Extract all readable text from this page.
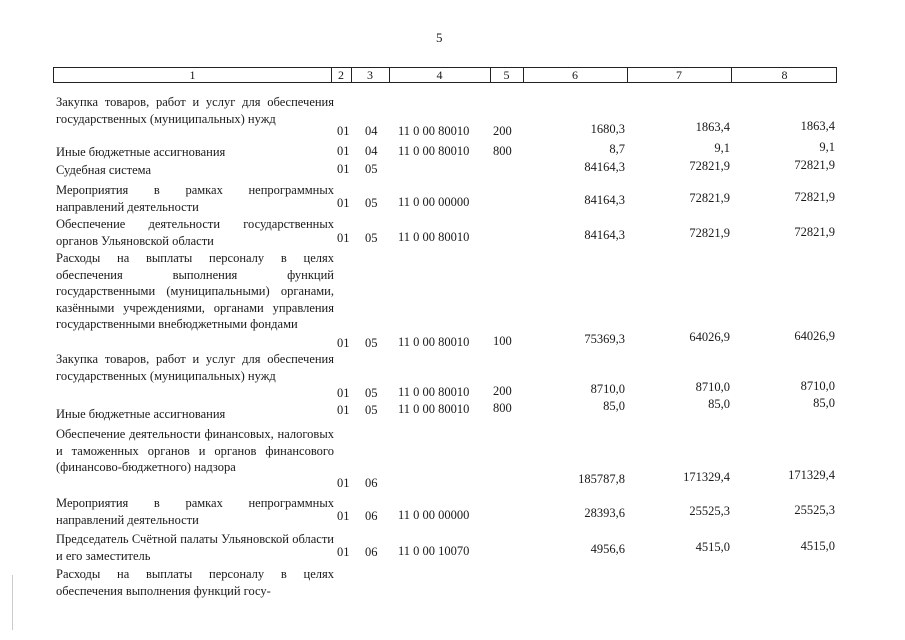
5
1	2	3	4	5	6	7	8
Закупка товаров, работ и услуг для обеспечения государственных (муниципальных) нужд
01 04 11 0 00 80010 200	1680,3	1863,4	1863,4
Иные бюджетные ассигнования	01 04 11 0 00 80010 800	8,7	9,1	9,1
Судебная система	01 05	84164,3	72821,9	72821,9
Мероприятия в рамках непрограммных направлений деятельности	01 05 11 0 00 00000	84164,3	72821,9	72821,9
Обеспечение деятельности государственных органов Ульяновской области	01 05 11 0 00 80010	84164,3	72821,9	72821,9
Расходы на выплаты персоналу в целях обеспечения выполнения функций государственными (муниципальными) органами, казёнными учреждениями, органами управления государственными внебюджетными фондами
01 05 11 0 00 80010 100	75369,3	64026,9	64026,9
Закупка товаров, работ и услуг для обеспечения государственных (муниципальных) нужд
01 05 11 0 00 80010 200	8710,0	8710,0	8710,0
Иные бюджетные ассигнования	01 05 11 0 00 80010 800	85,0	85,0	85,0
Обеспечение деятельности финансовых, налоговых и таможенных органов и органов финансового (финансово-бюджетного) надзора
01 06	185787,8	171329,4	171329,4
Мероприятия в рамках непрограммных направлений деятельности	01 06 11 0 00 00000	28393,6	25525,3	25525,3
Председатель Счётной палаты Ульяновской области и его заместитель	01 06 11 0 00 10070	4956,6	4515,0	4515,0
Расходы на выплаты персоналу в целях обеспечения выполнения функций госу-
